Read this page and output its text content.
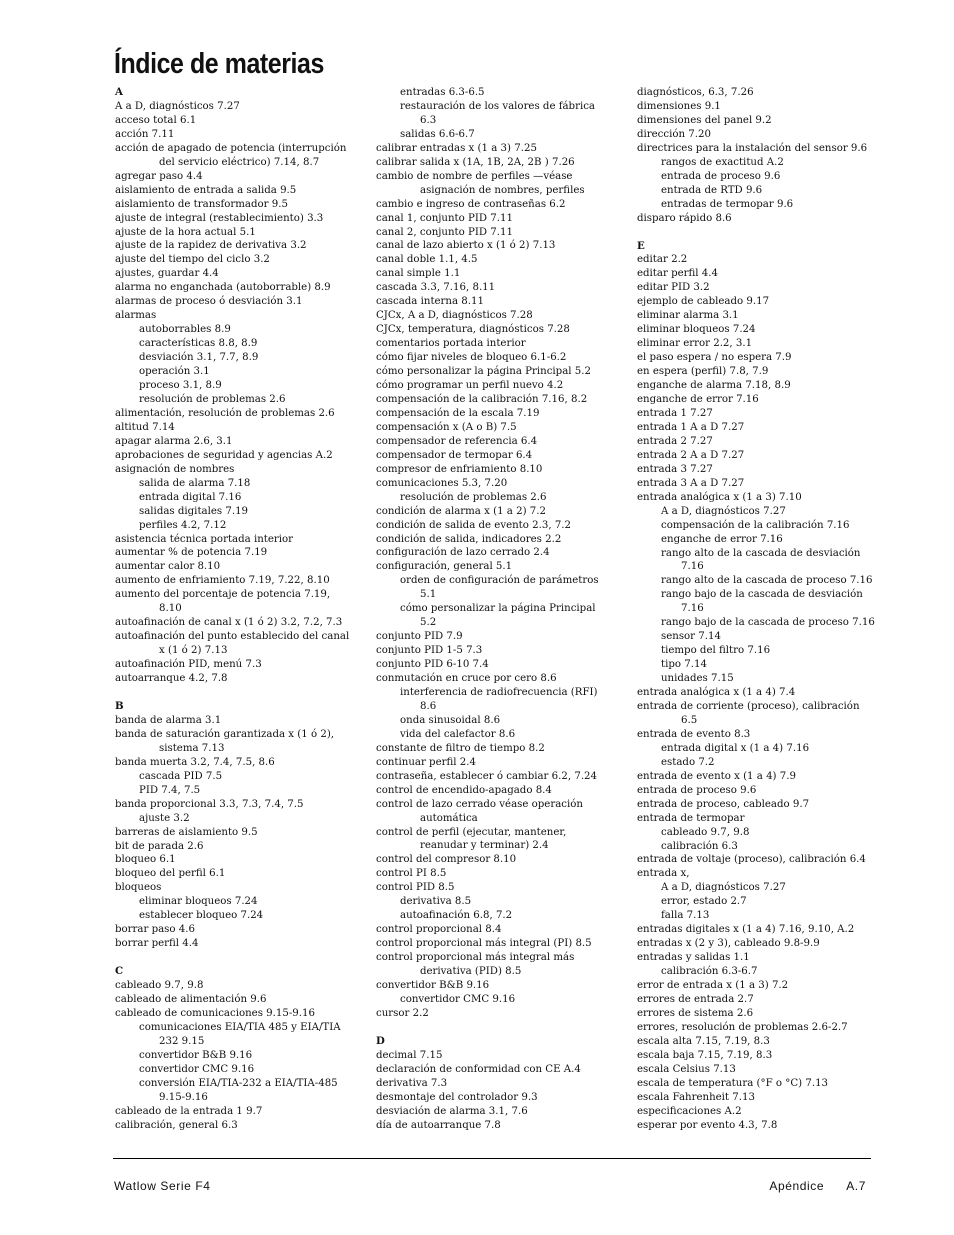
Índice de materias
A
A a D, diagnósticos 7.27
acceso total 6.1
acción 7.11
acción de apagado de potencia (interrupción
del servicio eléctrico) 7.14, 8.7
agregar paso 4.4
aislamiento de entrada a salida 9.5
aislamiento de transformador 9.5
ajuste de integral (restablecimiento) 3.3
ajuste de la hora actual 5.1
ajuste de la rapidez de derivativa 3.2
ajuste del tiempo del ciclo 3.2
ajustes, guardar 4.4
alarma no enganchada (autoborrable) 8.9
alarmas de proceso ó desviación 3.1
alarmas
autoborrables 8.9
características 8.8, 8.9
desviación 3.1, 7.7, 8.9
operación 3.1
proceso 3.1, 8.9
resolución de problemas 2.6
alimentación, resolución de problemas 2.6
altitud 7.14
apagar alarma 2.6, 3.1
aprobaciones de seguridad y agencias A.2
asignación de nombres
salida de alarma 7.18
entrada digital 7.16
salidas digitales 7.19
perfiles 4.2, 7.12
asistencia técnica portada interior
aumentar % de potencia 7.19
aumentar calor 8.10
aumento de enfriamiento 7.19, 7.22, 8.10
aumento del porcentaje de potencia 7.19,
8.10
autoafinación de canal x (1 ó 2) 3.2, 7.2, 7.3
autoafinación del punto establecido del canal
x (1 ó 2) 7.13
autoafinación PID, menú 7.3
autoarranque 4.2, 7.8
B
banda de alarma 3.1
banda de saturación garantizada x (1 ó 2),
sistema 7.13
banda muerta 3.2, 7.4, 7.5, 8.6
cascada PID 7.5
PID 7.4, 7.5
banda proporcional 3.3, 7.3, 7.4, 7.5
ajuste 3.2
barreras de aislamiento 9.5
bit de parada 2.6
bloqueo 6.1
bloqueo del perfil 6.1
bloqueos
eliminar bloqueos 7.24
establecer bloqueo 7.24
borrar paso 4.6
borrar perfil 4.4
C
cableado 9.7, 9.8
cableado de alimentación 9.6
cableado de comunicaciones 9.15-9.16
comunicaciones EIA/TIA 485 y EIA/TIA
232 9.15
convertidor B&B 9.16
convertidor CMC 9.16
conversión EIA/TIA-232 a EIA/TIA-485
9.15-9.16
cableado de la entrada 1 9.7
calibración, general 6.3
entradas 6.3-6.5
restauración de los valores de fábrica
6.3
salidas 6.6-6.7
calibrar entradas x (1 a 3) 7.25
calibrar salida x (1A, 1B, 2A, 2B ) 7.26
cambio de nombre de perfiles —véase
asignación de nombres, perfiles
cambio e ingreso de contraseñas 6.2
canal 1, conjunto PID 7.11
canal 2, conjunto PID 7.11
canal de lazo abierto x (1 ó 2) 7.13
canal doble 1.1, 4.5
canal simple 1.1
cascada 3.3, 7.16, 8.11
cascada interna 8.11
CJCx, A a D, diagnósticos 7.28
CJCx, temperatura, diagnósticos 7.28
comentarios portada interior
cómo fijar niveles de bloqueo 6.1-6.2
cómo personalizar la página Principal 5.2
cómo programar un perfil nuevo 4.2
compensación de la calibración 7.16, 8.2
compensación de la escala 7.19
compensación x (A o B) 7.5
compensador de referencia 6.4
compensador de termopar 6.4
compresor de enfriamiento 8.10
comunicaciones 5.3, 7.20
resolución de problemas 2.6
condición de alarma x (1 a 2) 7.2
condición de salida de evento 2.3, 7.2
condición de salida, indicadores 2.2
configuración de lazo cerrado 2.4
configuración, general 5.1
orden de configuración de parámetros
5.1
cómo personalizar la página Principal
5.2
conjunto PID 7.9
conjunto PID 1-5 7.3
conjunto PID 6-10 7.4
conmutación en cruce por cero 8.6
interferencia de radiofrecuencia (RFI)
8.6
onda sinusoidal 8.6
vida del calefactor 8.6
constante de filtro de tiempo 8.2
continuar perfil 2.4
contraseña, establecer ó cambiar 6.2, 7.24
control de encendido-apagado 8.4
control de lazo cerrado véase operación
automática
control de perfil (ejecutar, mantener,
reanudar y terminar) 2.4
control del compresor 8.10
control PI 8.5
control PID 8.5
derivativa 8.5
autoafinación 6.8, 7.2
control proporcional 8.4
control proporcional más integral (PI) 8.5
control proporcional más integral más
derivativa (PID) 8.5
convertidor B&B 9.16
convertidor CMC 9.16
cursor 2.2
D
decimal 7.15
declaración de conformidad con CE A.4
derivativa 7.3
desmontaje del controlador 9.3
desviación de alarma 3.1, 7.6
día de autoarranque 7.8
diagnósticos, 6.3, 7.26
dimensiones 9.1
dimensiones del panel 9.2
dirección 7.20
directrices para la instalación del sensor 9.6
rangos de exactitud A.2
entrada de proceso 9.6
entrada de RTD 9.6
entradas de termopar 9.6
disparo rápido 8.6
E
editar 2.2
editar perfil 4.4
editar PID 3.2
ejemplo de cableado 9.17
eliminar alarma 3.1
eliminar bloqueos 7.24
eliminar error 2.2, 3.1
el paso espera / no espera 7.9
en espera (perfil) 7.8, 7.9
enganche de alarma 7.18, 8.9
enganche de error 7.16
entrada 1 7.27
entrada 1 A a D 7.27
entrada 2 7.27
entrada 2 A a D 7.27
entrada 3 7.27
entrada 3 A a D 7.27
entrada analógica x (1 a 3) 7.10
A a D, diagnósticos 7.27
compensación de la calibración 7.16
enganche de error 7.16
rango alto de la cascada de desviación
7.16
rango alto de la cascada de proceso 7.16
rango bajo de la cascada de desviación
7.16
rango bajo de la cascada de proceso 7.16
sensor 7.14
tiempo del filtro 7.16
tipo 7.14
unidades 7.15
entrada analógica x (1 a 4) 7.4
entrada de corriente (proceso), calibración
6.5
entrada de evento 8.3
entrada digital x (1 a 4) 7.16
estado 7.2
entrada de evento x (1 a 4) 7.9
entrada de proceso 9.6
entrada de proceso, cableado 9.7
entrada de termopar
cableado 9.7, 9.8
calibración 6.3
entrada de voltaje (proceso), calibración 6.4
entrada x,
A a D, diagnósticos 7.27
error, estado 2.7
falla 7.13
entradas digitales x (1 a 4) 7.16, 9.10, A.2
entradas x (2 y 3), cableado 9.8-9.9
entradas y salidas 1.1
calibración 6.3-6.7
error de entrada x (1 a 3) 7.2
errores de entrada 2.7
errores de sistema 2.6
errores, resolución de problemas 2.6-2.7
escala alta 7.15, 7.19, 8.3
escala baja 7.15, 7.19, 8.3
escala Celsius 7.13
escala de temperatura (°F o °C) 7.13
escala Fahrenheit 7.13
especificaciones A.2
esperar por evento 4.3, 7.8
Watlow Serie F4	Apéndice A.7
